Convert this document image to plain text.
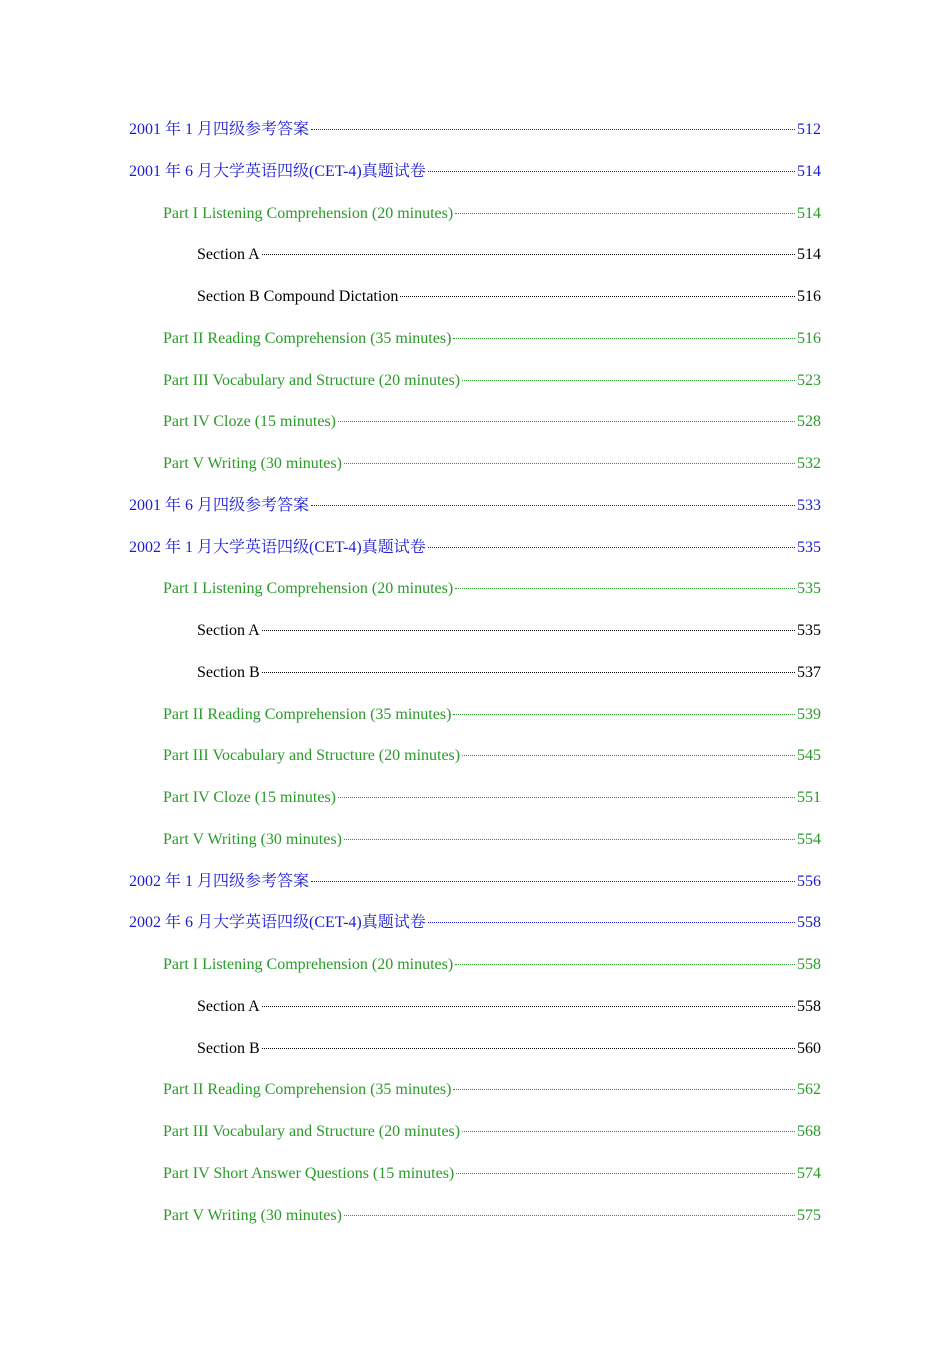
2001 年 1 月四级参考答案	512
2001 年 6 月大学英语四级(CET-4)真题试卷	514
Part I Listening Comprehension (20 minutes)	514
Section A	514
Section B Compound Dictation	516
Part II Reading Comprehension (35 minutes)	516
Part III Vocabulary and Structure (20 minutes)	523
Part IV Cloze (15 minutes)	528
Part V Writing (30 minutes)	532
2001 年 6 月四级参考答案	533
2002 年 1 月大学英语四级(CET-4)真题试卷	535
Part I Listening Comprehension (20 minutes)	535
Section A	535
Section B	537
Part II Reading Comprehension (35 minutes)	539
Part III Vocabulary and Structure (20 minutes)	545
Part IV Cloze (15 minutes)	551
Part V Writing (30 minutes)	554
2002 年 1 月四级参考答案	556
2002 年 6 月大学英语四级(CET-4)真题试卷	558
Part I Listening Comprehension (20 minutes)	558
Section A	558
Section B	560
Part II Reading Comprehension (35 minutes)	562
Part III Vocabulary and Structure (20 minutes)	568
Part IV Short Answer Questions (15 minutes)	574
Part V Writing (30 minutes)	575
